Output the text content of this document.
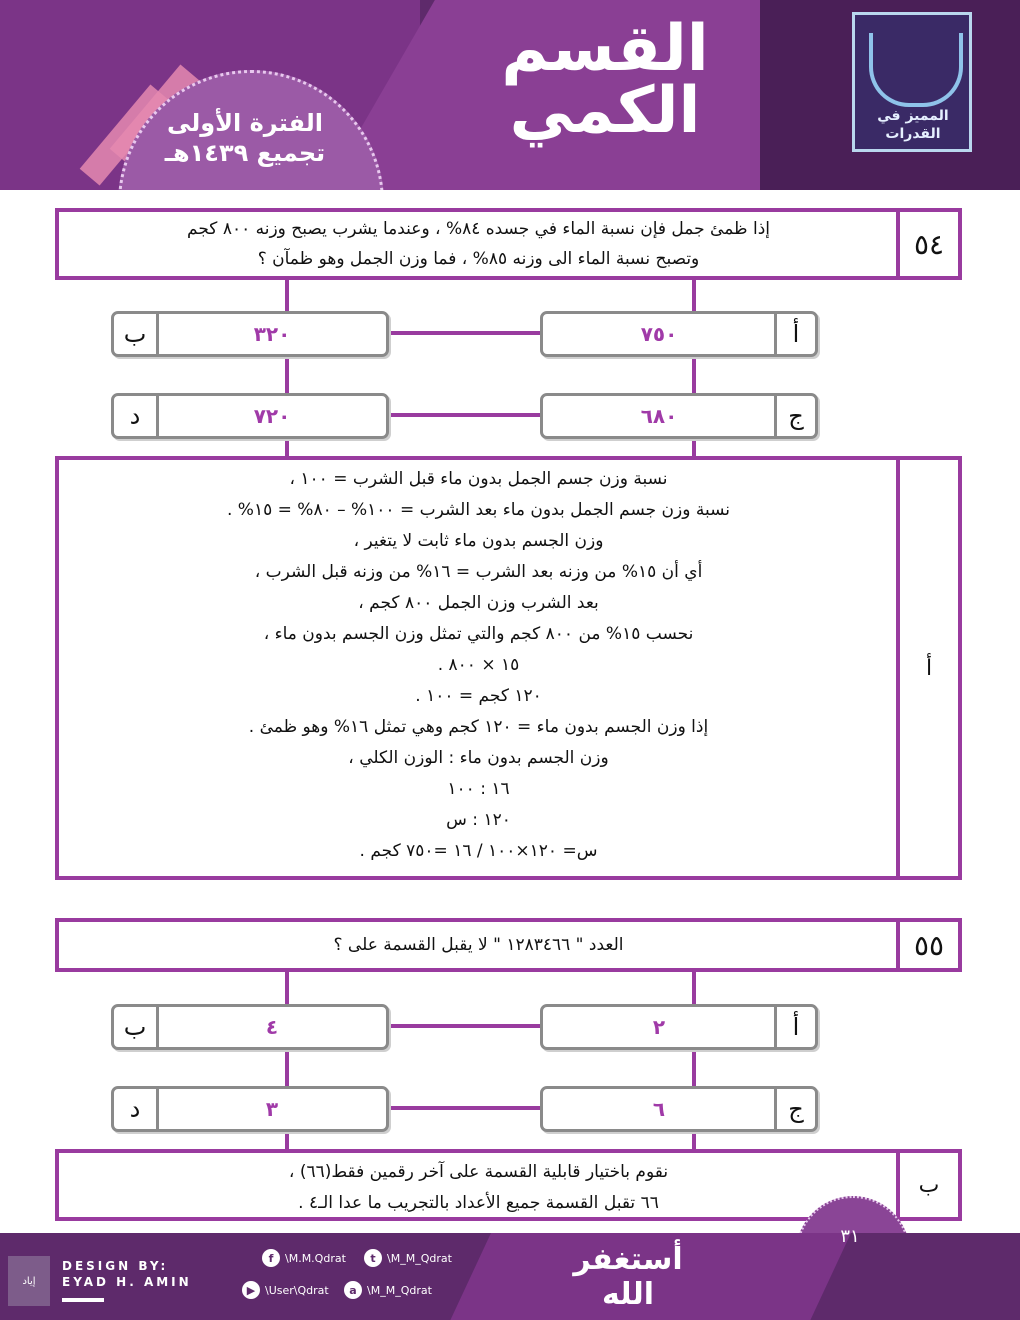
القسم
الكمي
الفترة الأولى
تجميع ١٤٣٩هـ
المميز في القدرات
إذا ظمئ جمل فإن نسبة الماء في جسده ٨٤% ، وعندما يشرب يصبح وزنه ٨٠٠ كجم
وتصبح نسبة الماء الى وزنه ٨٥% ، فما وزن الجمل وهو ظمآن ؟	٥٤
٧٥٠	أ
ب	٣٢٠
٦٨٠	ج
د	٧٢٠
نسبة وزن جسم الجمل بدون ماء قبل الشرب = ١٠٠ ،
نسبة وزن جسم الجمل بدون ماء بعد الشرب = ١٠٠% – ٨٠% = ١٥% .
وزن الجسم بدون ماء ثابت لا يتغير ،
أي أن ١٥% من وزنه بعد الشرب = ١٦% من وزنه قبل الشرب ،
بعد الشرب وزن الجمل ٨٠٠ كجم ،
نحسب ١٥% من ٨٠٠ كجم والتي تمثل وزن الجسم بدون ماء ،
١٥ × ٨٠٠ .
١٢٠ كجم = ١٠٠ .
إذا وزن الجسم بدون ماء = ١٢٠ كجم وهي تمثل ١٦% وهو ظمئ .
وزن الجسم بدون ماء : الوزن الكلي ،
١٦ : ١٠٠
١٢٠ : س
س= ١٢٠×١٠٠ / ١٦ =٧٥٠ كجم .
أ
العدد " ١٢٨٣٤٦٦ " لا يقبل القسمة على ؟	٥٥
٢	أ
ب	٤
٦	ج
د	٣
نقوم باختيار قابلية القسمة على آخر رقمين فقط(٦٦) ،
٦٦ تقبل القسمة جميع الأعداد بالتجريب ما عدا الـ٤ .
ب
٣١
إياد
DESIGN BY:
EYAD H. AMIN
f	\M.M.Qdrat	t	\M_M_Qdrat
▶ \User\Qdrat	a \M_M_Qdrat
أستغفر الله
